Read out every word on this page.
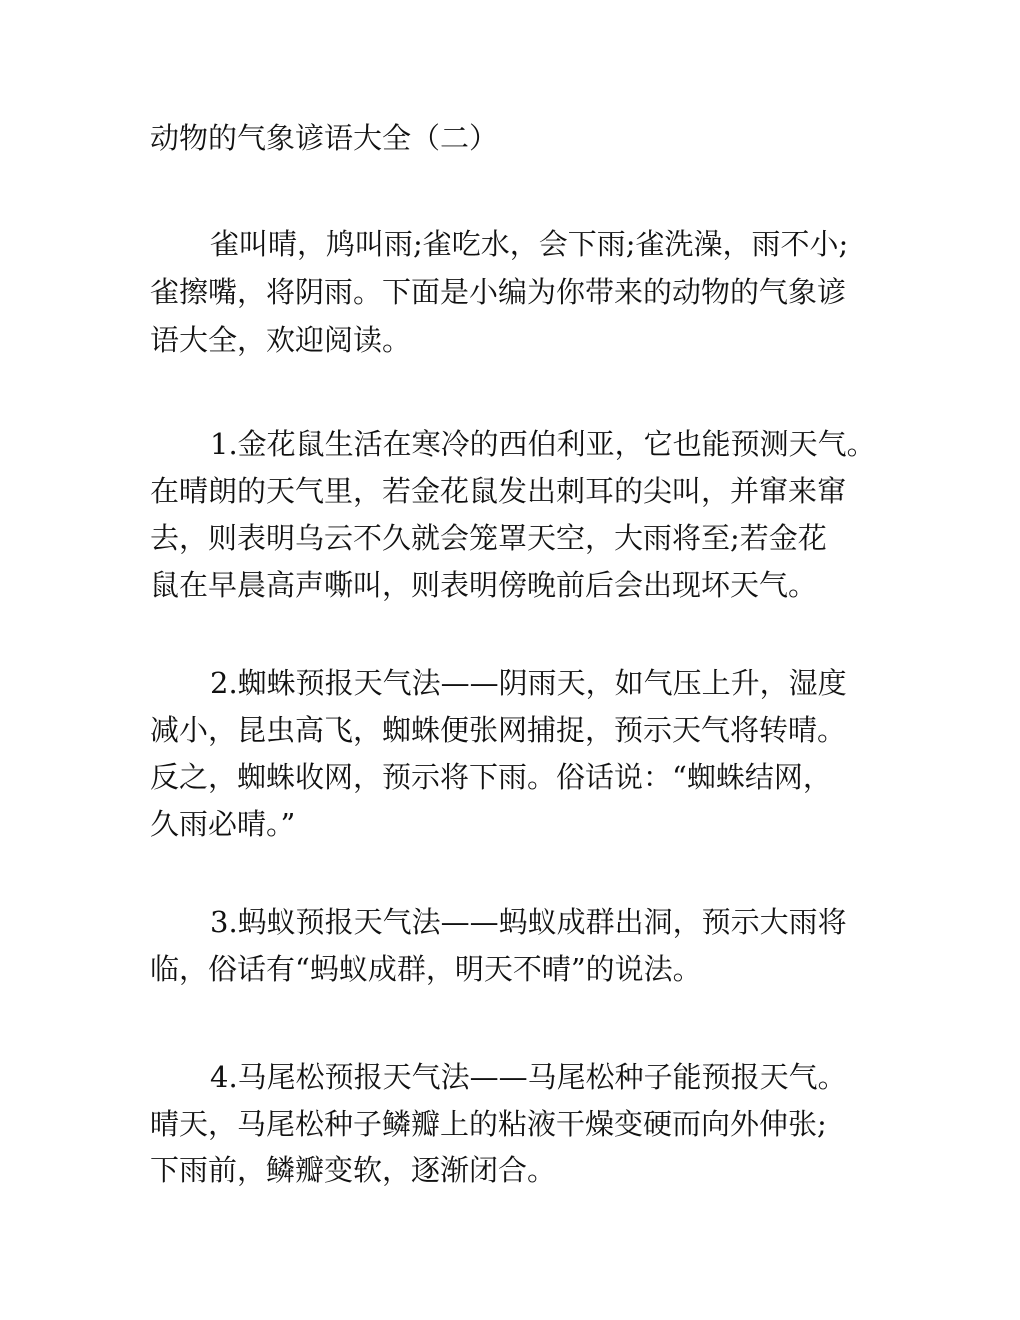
动物的气象谚语大全（二）
雀叫晴，鸠叫雨;雀吃水，会下雨;雀洗澡，雨不小;
雀擦嘴，将阴雨。下面是小编为你带来的动物的气象谚
语大全，欢迎阅读。
1.金花鼠生活在寒冷的西伯利亚，它也能预测天气。
在晴朗的天气里，若金花鼠发出刺耳的尖叫，并窜来窜
去，则表明乌云不久就会笼罩天空，大雨将至;若金花
鼠在早晨高声嘶叫，则表明傍晚前后会出现坏天气。
2.蜘蛛预报天气法——阴雨天，如气压上升，湿度
减小，昆虫高飞，蜘蛛便张网捕捉，预示天气将转晴。
反之，蜘蛛收网，预示将下雨。俗话说：“蜘蛛结网，
久雨必晴。”
3.蚂蚁预报天气法——蚂蚁成群出洞，预示大雨将
临，俗话有“蚂蚁成群，明天不晴”的说法。
4.马尾松预报天气法——马尾松种子能预报天气。
晴天，马尾松种子鳞瓣上的粘液干燥变硬而向外伸张;
下雨前，鳞瓣变软，逐渐闭合。
